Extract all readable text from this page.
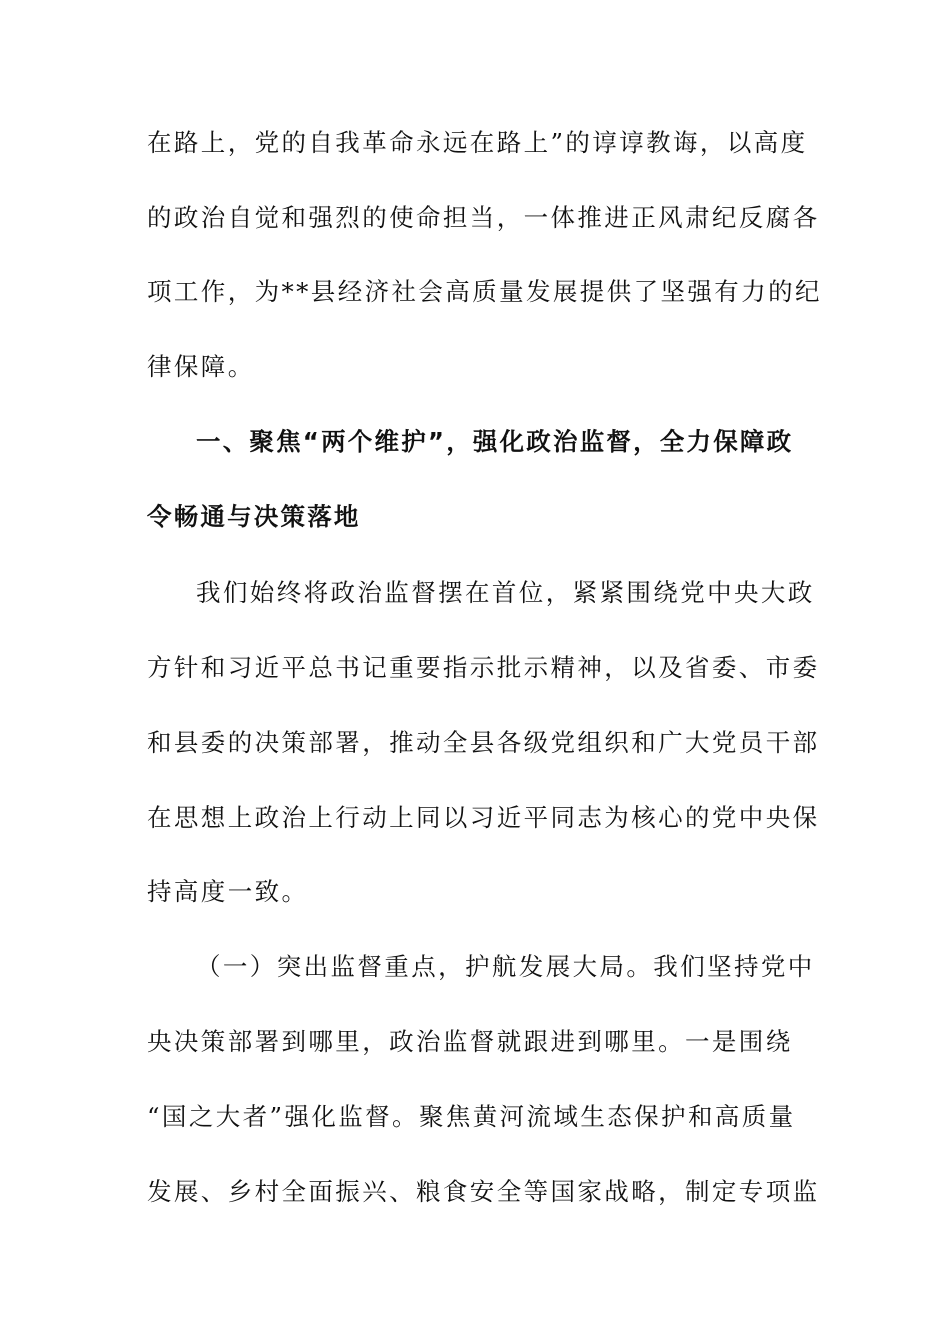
在路上，党的自我革命永远在路上”的谆谆教诲，以高度
的政治自觉和强烈的使命担当，一体推进正风肃纪反腐各
项工作，为**县经济社会高质量发展提供了坚强有力的纪
律保障。
一、聚焦“两个维护”，强化政治监督，全力保障政
令畅通与决策落地
我们始终将政治监督摆在首位，紧紧围绕党中央大政
方针和习近平总书记重要指示批示精神，以及省委、市委
和县委的决策部署，推动全县各级党组织和广大党员干部
在思想上政治上行动上同以习近平同志为核心的党中央保
持高度一致。
（一）突出监督重点，护航发展大局。我们坚持党中
央决策部署到哪里，政治监督就跟进到哪里。一是围绕
“国之大者”强化监督。聚焦黄河流域生态保护和高质量
发展、乡村全面振兴、粮食安全等国家战略，制定专项监
